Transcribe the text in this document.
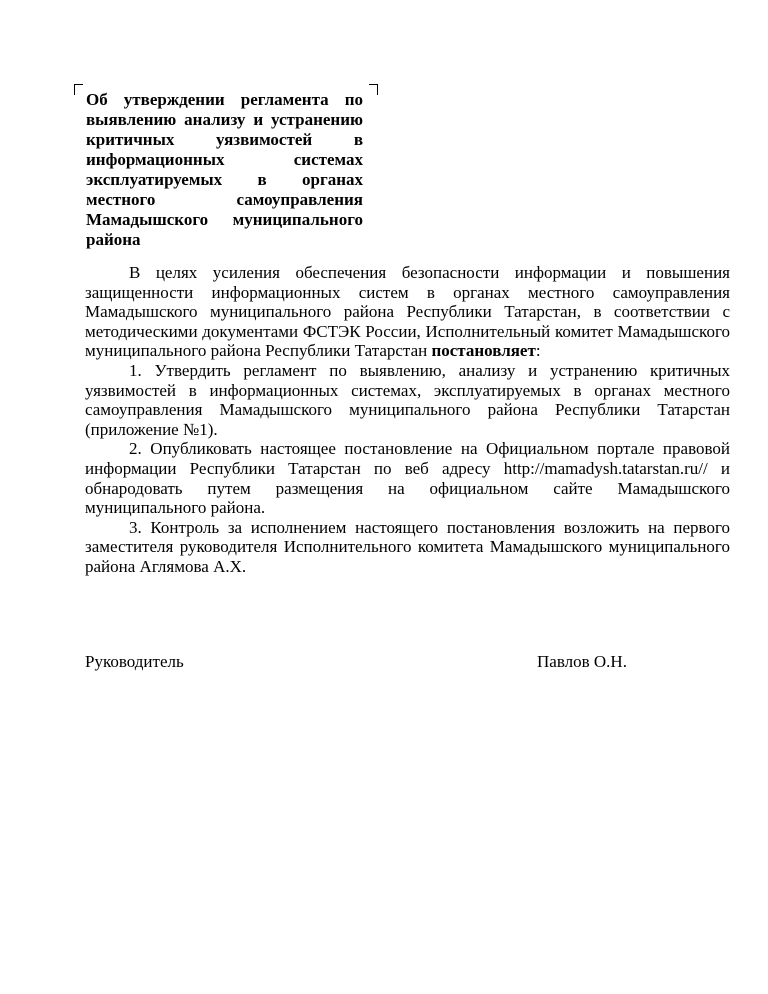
Об утверждении регламента по выявлению анализу и устранению критичных уязвимостей в информационных системах эксплуатируемых в органах местного самоуправления Мамадышского муниципального района

В целях усиления обеспечения безопасности информации и повышения защищенности информационных систем в органах местного самоуправления Мамадышского муниципального района Республики Татарстан, в соответствии с методическими документами ФСТЭК России, Исполнительный комитет Мамадышского муниципального района Республики Татарстан постановляет:

1. Утвердить регламент по выявлению, анализу и устранению критичных уязвимостей в информационных системах, эксплуатируемых в органах местного самоуправления Мамадышского муниципального района Республики Татарстан (приложение №1).

2. Опубликовать настоящее постановление на Официальном портале правовой информации Республики Татарстан по веб адресу http://mamadysh.tatarstan.ru// и обнародовать путем размещения на официальном сайте Мамадышского муниципального района.

3. Контроль за исполнением настоящего постановления возложить на первого заместителя руководителя Исполнительного комитета Мамадышского муниципального района Аглямова А.Х.

Руководитель	Павлов О.Н.
